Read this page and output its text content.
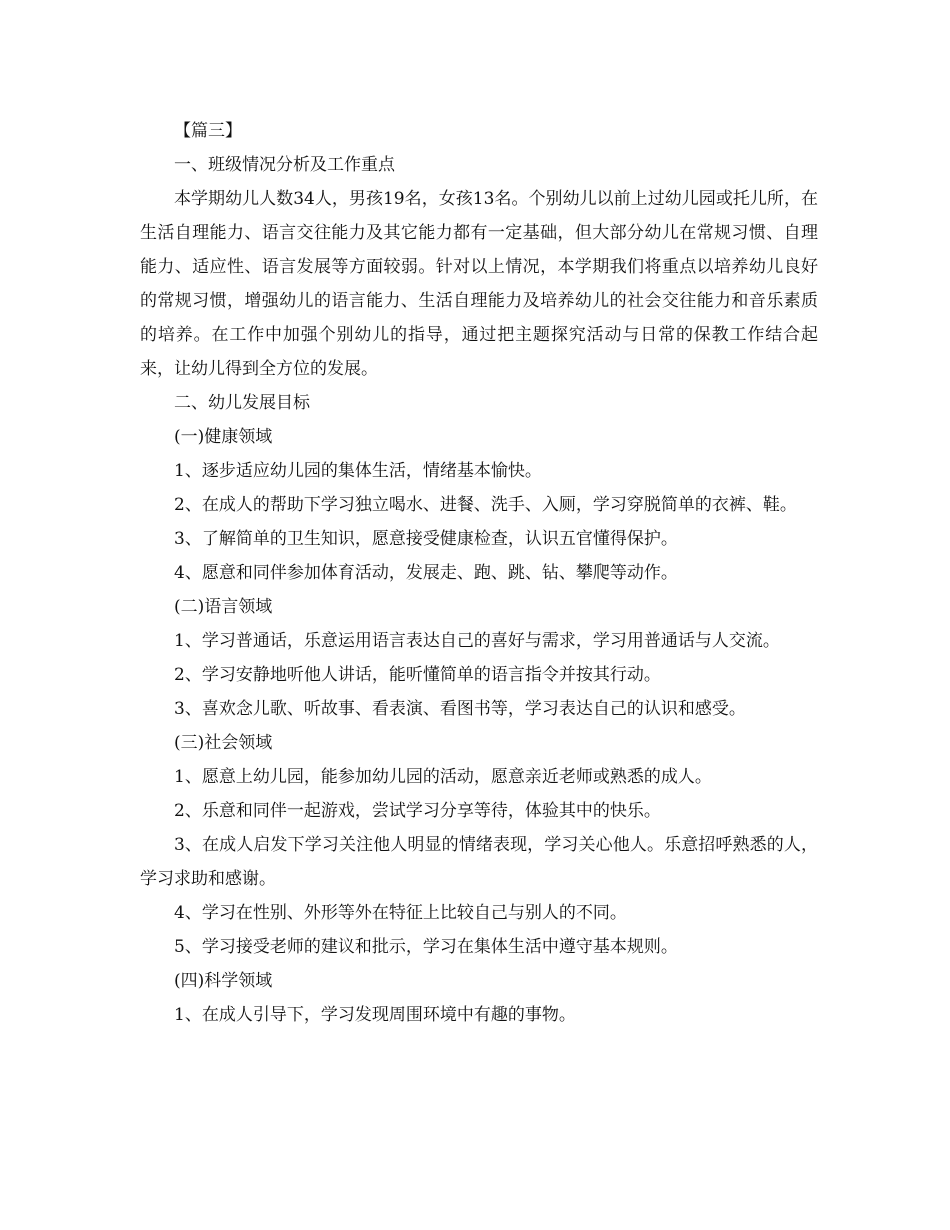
【篇三】

一、班级情况分析及工作重点

本学期幼儿人数34人，男孩19名，女孩13名。个别幼儿以前上过幼儿园或托儿所，在生活自理能力、语言交往能力及其它能力都有一定基础，但大部分幼儿在常规习惯、自理能力、适应性、语言发展等方面较弱。针对以上情况，本学期我们将重点以培养幼儿良好的常规习惯，增强幼儿的语言能力、生活自理能力及培养幼儿的社会交往能力和音乐素质的培养。在工作中加强个别幼儿的指导，通过把主题探究活动与日常的保教工作结合起来，让幼儿得到全方位的发展。

二、幼儿发展目标

(一)健康领域

1、逐步适应幼儿园的集体生活，情绪基本愉快。

2、在成人的帮助下学习独立喝水、进餐、洗手、入厕，学习穿脱简单的衣裤、鞋。

3、了解简单的卫生知识，愿意接受健康检查，认识五官懂得保护。

4、愿意和同伴参加体育活动，发展走、跑、跳、钻、攀爬等动作。

(二)语言领域

1、学习普通话，乐意运用语言表达自己的喜好与需求，学习用普通话与人交流。

2、学习安静地听他人讲话，能听懂简单的语言指令并按其行动。

3、喜欢念儿歌、听故事、看表演、看图书等，学习表达自己的认识和感受。

(三)社会领域

1、愿意上幼儿园，能参加幼儿园的活动，愿意亲近老师或熟悉的成人。

2、乐意和同伴一起游戏，尝试学习分享等待，体验其中的快乐。

3、在成人启发下学习关注他人明显的情绪表现，学习关心他人。乐意招呼熟悉的人，学习求助和感谢。

4、学习在性别、外形等外在特征上比较自己与别人的不同。

5、学习接受老师的建议和批示，学习在集体生活中遵守基本规则。

(四)科学领域

1、在成人引导下，学习发现周围环境中有趣的事物。
